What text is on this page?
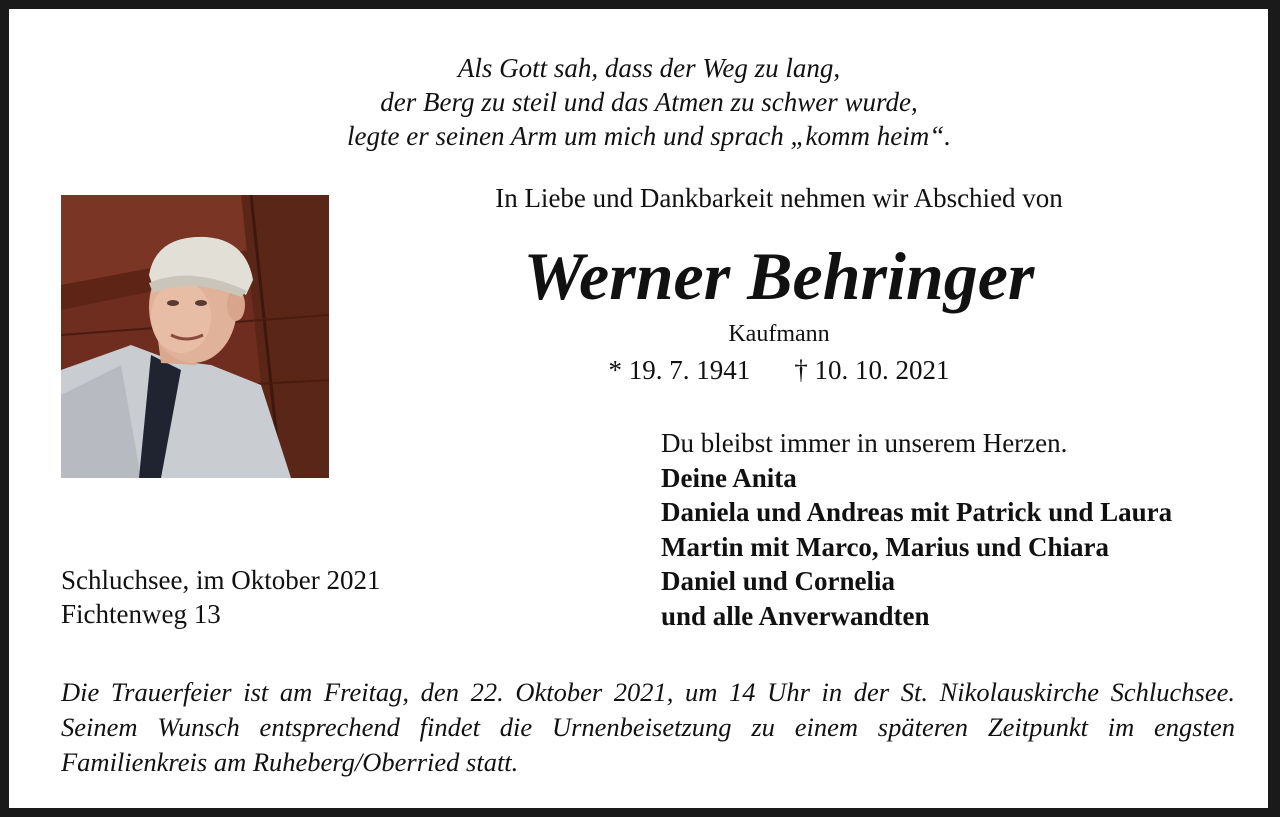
Als Gott sah, dass der Weg zu lang,
der Berg zu steil und das Atmen zu schwer wurde,
legte er seinen Arm um mich und sprach „komm heim“.
In Liebe und Dankbarkeit nehmen wir Abschied von
Werner Behringer
Kaufmann
* 19. 7. 1941 † 10. 10. 2021
Du bleibst immer in unserem Herzen.
Deine Anita
Daniela und Andreas mit Patrick und Laura
Martin mit Marco, Marius und Chiara
Daniel und Cornelia
und alle Anverwandten
Schluchsee, im Oktober 2021
Fichtenweg 13
Die Trauerfeier ist am Freitag, den 22. Oktober 2021, um 14 Uhr in der St. Nikolauskirche Schluchsee.
Seinem Wunsch entsprechend findet die Urnenbeisetzung zu einem späteren Zeitpunkt im engsten
Familienkreis am Ruheberg/Oberried statt.
